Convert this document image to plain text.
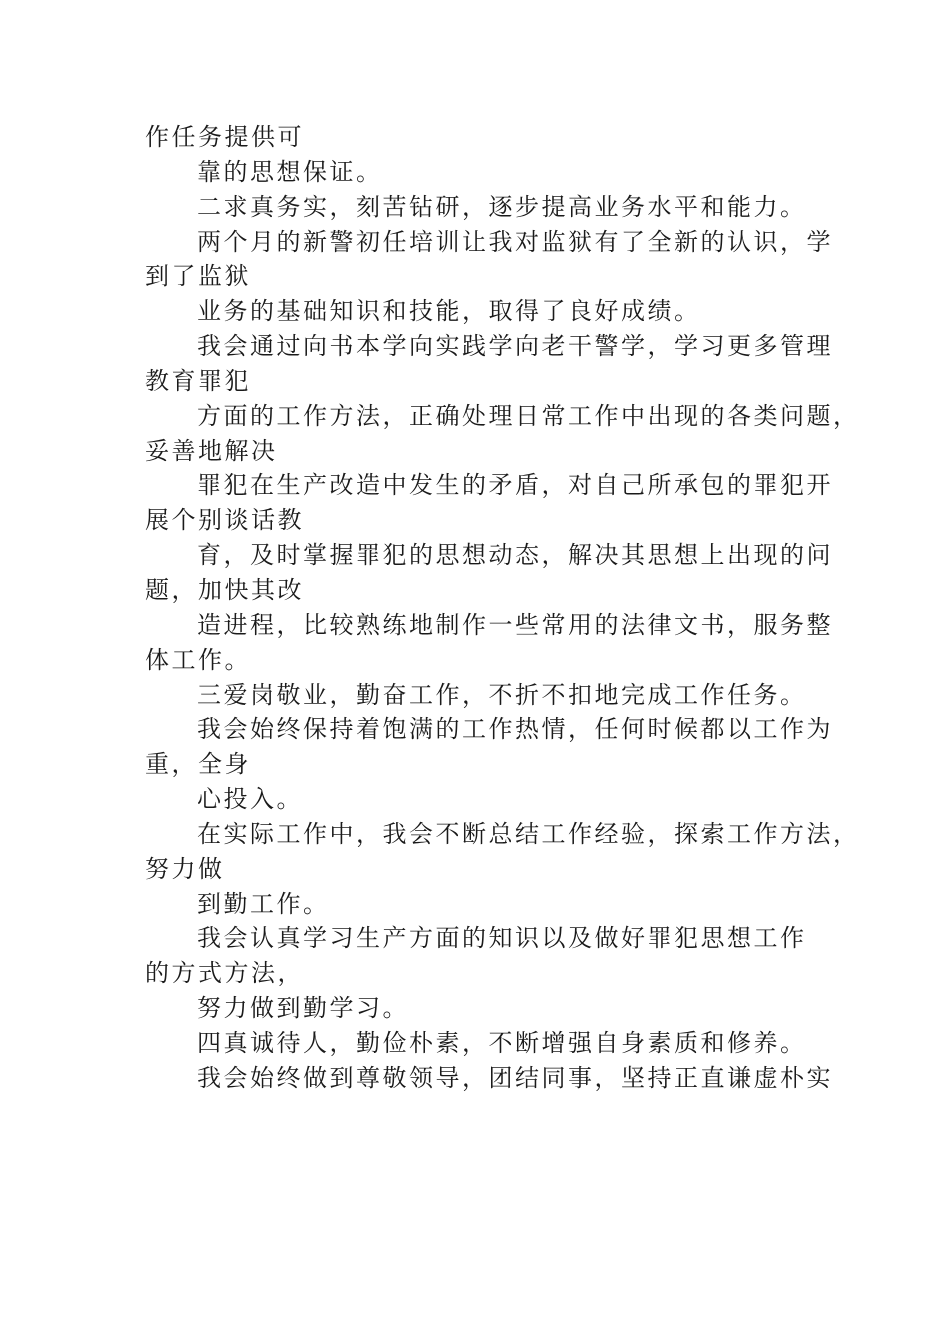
作任务提供可
靠的思想保证。
二求真务实，刻苦钻研，逐步提高业务水平和能力。
两个月的新警初任培训让我对监狱有了全新的认识，学
到了监狱
业务的基础知识和技能，取得了良好成绩。
我会通过向书本学向实践学向老干警学，学习更多管理
教育罪犯
方面的工作方法，正确处理日常工作中出现的各类问题，
妥善地解决
罪犯在生产改造中发生的矛盾，对自己所承包的罪犯开
展个别谈话教
育，及时掌握罪犯的思想动态，解决其思想上出现的问
题，加快其改
造进程，比较熟练地制作一些常用的法律文书，服务整
体工作。
三爱岗敬业，勤奋工作，不折不扣地完成工作任务。
我会始终保持着饱满的工作热情，任何时候都以工作为
重，全身
心投入。
在实际工作中，我会不断总结工作经验，探索工作方法，
努力做
到勤工作。
我会认真学习生产方面的知识以及做好罪犯思想工作
的方式方法，
努力做到勤学习。
四真诚待人，勤俭朴素，不断增强自身素质和修养。
我会始终做到尊敬领导，团结同事，坚持正直谦虚朴实
